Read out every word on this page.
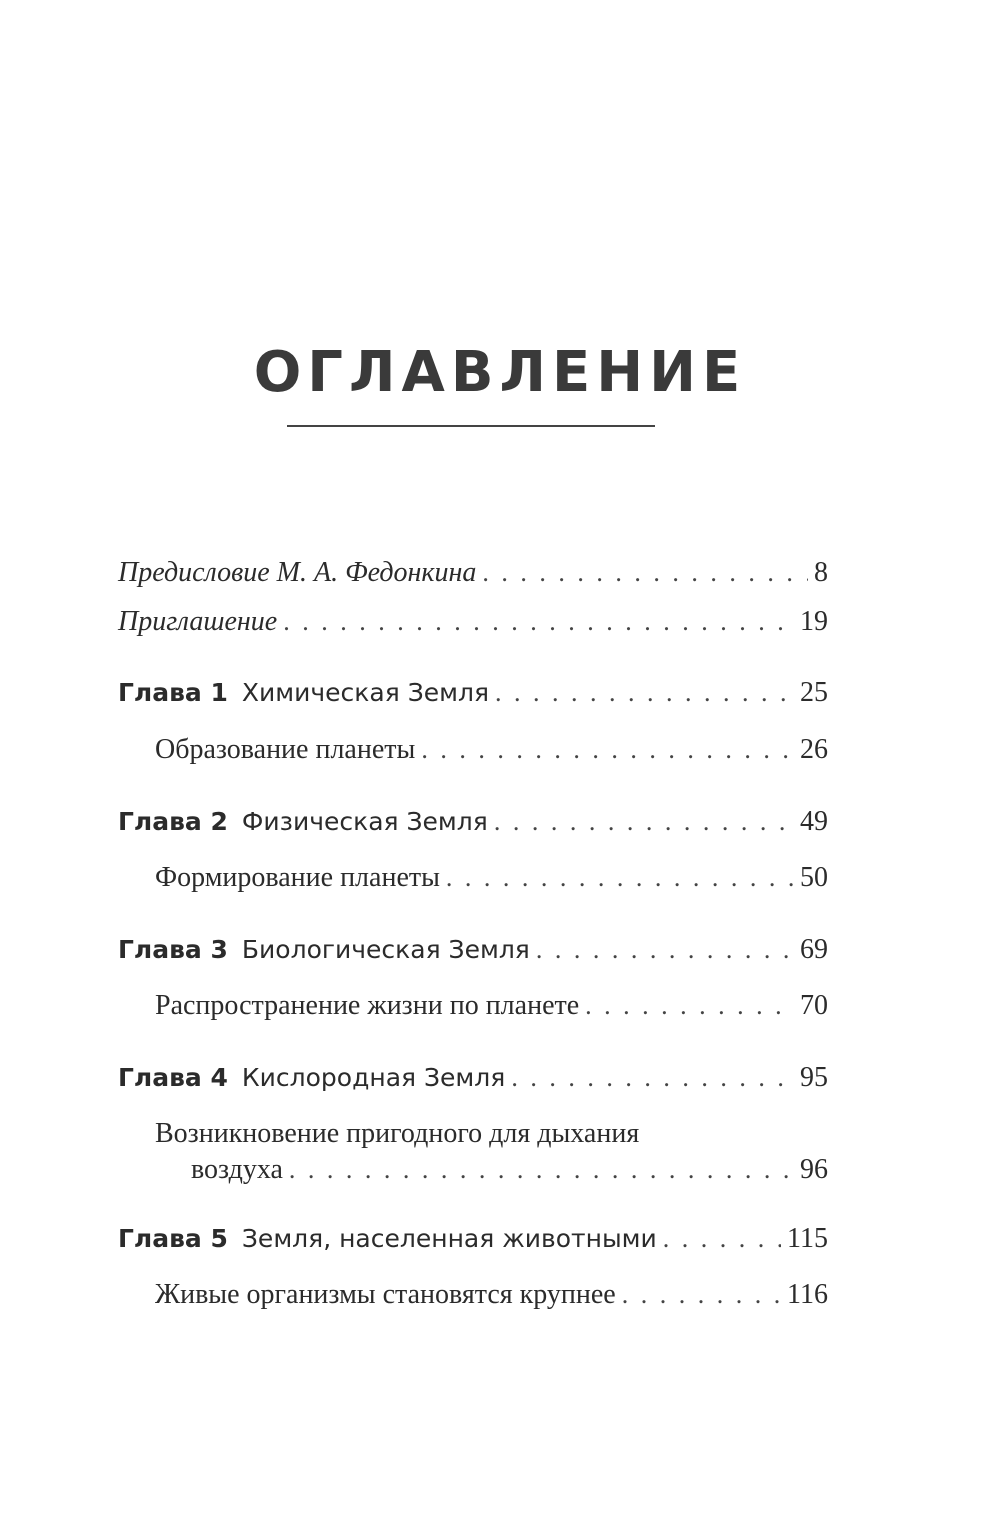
ОГЛАВЛЕНИЕ
Предисловие М. А. Федонкина . . .	8
Приглашение . . .	19
Глава 1 Химическая Земля . . .	25
Образование планеты . . .	26
Глава 2 Физическая Земля . . .	49
Формирование планеты . . .	50
Глава 3 Биологическая Земля . . .	69
Распространение жизни по планете . . .	70
Глава 4 Кислородная Земля . . .	95
Возникновение пригодного для дыхания
воздуха . . .	96
Глава 5 Земля, населенная животными . . .	115
Живые организмы становятся крупнее . . .	116
